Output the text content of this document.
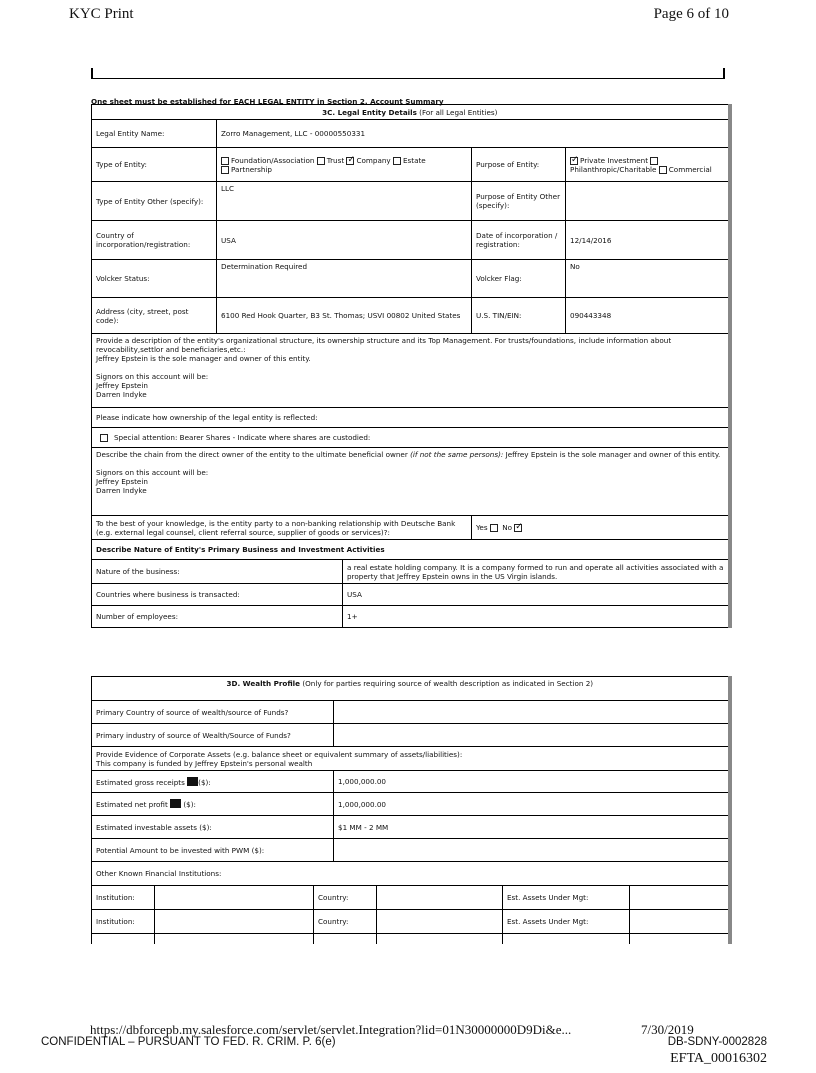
KYC Print	Page 6 of 10
One sheet must be established for EACH LEGAL ENTITY in Section 2. Account Summary
3C. Legal Entity Details (For all Legal Entities)				
Legal Entity Name:	Zorro Management, LLC - 00000550331			
Type of Entity:	Foundation/Association Trust ✓ Company Estate
Partnership		Purpose of Entity:	✓Private Investment
Philanthropic/Charitable Commercial
Type of Entity Other (specify):	LLC		Purpose of Entity Other (specify):	
Country of incorporation/registration:	USA		Date of incorporation / registration:	12/14/2016
Volcker Status:	Determination Required		Volcker Flag:	No
Address (city, street, post code):	6100 Red Hook Quarter, B3 St. Thomas; USVI 00802 United States		U.S. TIN/EIN:	090443348

Provide a description of the entity's organizational structure, its ownership structure and its Top Management. For trusts/foundations, include information about revocability,settlor and beneficiaries,etc.:
Jeffrey Epstein is the sole manager and owner of this entity.
Signors on this account will be:
Jeffrey Epstein
Darren Indyke				

Please indicate how ownership of the legal entity is reflected:				
Special attention: Bearer Shares - Indicate where shares are custodied:				

Describe the chain from the direct owner of the entity to the ultimate beneficial owner (if not the same persons): Jeffrey Epstein is the sole manager and owner of this entity.
Signors on this account will be:
Jeffrey Epstein
Darren Indyke				

To the best of your knowledge, is the entity party to a non-banking relationship with Deutsche Bank (e.g. external legal counsel, client referral source, supplier of goods or services)?:			Yes No ✓
Describe Nature of Entity's Primary Business and Investment Activities				
Nature of the business:		a real estate holding company. It is a company formed to run and operate all activities associated with a property that Jeffrey Epstein owns in the US Virgin islands.		
Countries where business is transacted:		USA		
Number of employees:		1+		
3D. Wealth Profile (Only for parties requiring source of wealth description as indicated in Section 2)						
Primary Country of source of wealth/source of Funds?						
Primary industry of source of Wealth/Source of Funds?						

Provide Evidence of Corporate Assets (e.g. balance sheet or equivalent summary of assets/liabilities):
This company is funded by Jeffrey Epstein's personal wealth						

Estimated gross receipts ($):			1,000,000.00			
Estimated net profit ($):			1,000,000.00			
Estimated investable assets ($):			$1 MM - 2 MM			
Potential Amount to be invested with PWM ($):						
Other Known Financial Institutions:						
Institution:		Country:			Est. Assets Under Mgt:	
Institution:		Country:			Est. Assets Under Mgt:	

https://dbforcepb.my.salesforce.com/servlet/servlet.Integration?lid=01N30000000D9Di&e...	7/30/2019
CONFIDENTIAL – PURSUANT TO FED. R. CRIM. P. 6(e)	DB-SDNY-0002828
EFTA_00016302
